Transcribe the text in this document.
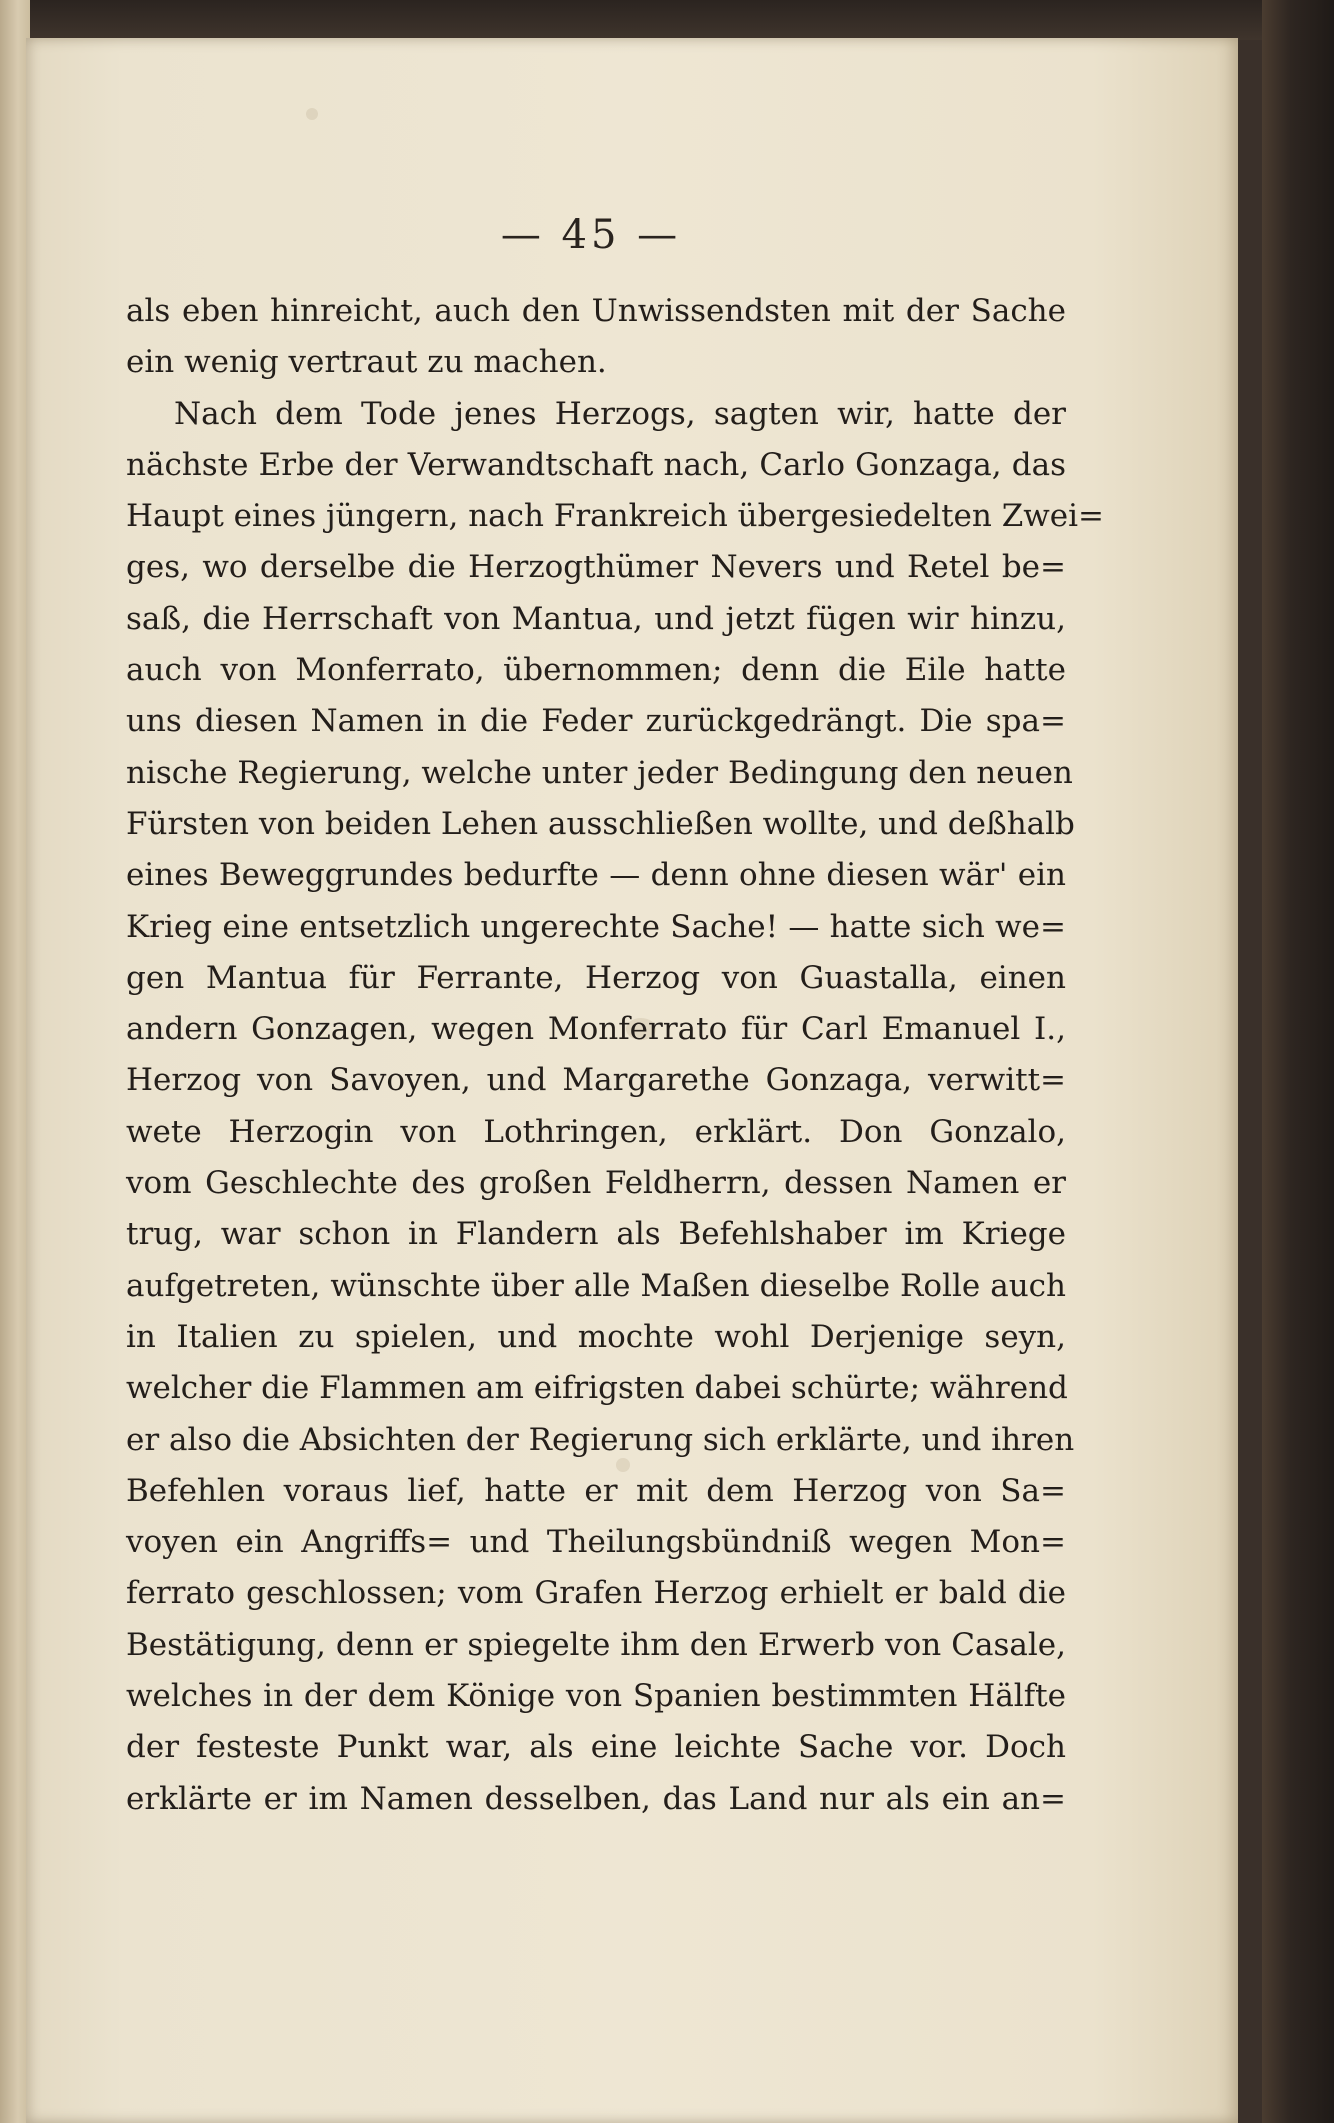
— 45 —
als eben hinreicht, auch den Unwissendsten mit der Sache
ein wenig vertraut zu machen.
Nach dem Tode jenes Herzogs, sagten wir, hatte der
nächste Erbe der Verwandtschaft nach, Carlo Gonzaga, das
Haupt eines jüngern, nach Frankreich übergesiedelten Zwei=
ges, wo derselbe die Herzogthümer Nevers und Retel be=
saß, die Herrschaft von Mantua, und jetzt fügen wir hinzu,
auch von Monferrato, übernommen; denn die Eile hatte
uns diesen Namen in die Feder zurückgedrängt. Die spa=
nische Regierung, welche unter jeder Bedingung den neuen
Fürsten von beiden Lehen ausschließen wollte, und deßhalb
eines Beweggrundes bedurfte — denn ohne diesen wär' ein
Krieg eine entsetzlich ungerechte Sache! — hatte sich we=
gen Mantua für Ferrante, Herzog von Guastalla, einen
andern Gonzagen, wegen Monferrato für Carl Emanuel I.,
Herzog von Savoyen, und Margarethe Gonzaga, verwitt=
wete Herzogin von Lothringen, erklärt. Don Gonzalo,
vom Geschlechte des großen Feldherrn, dessen Namen er
trug, war schon in Flandern als Befehlshaber im Kriege
aufgetreten, wünschte über alle Maßen dieselbe Rolle auch
in Italien zu spielen, und mochte wohl Derjenige seyn,
welcher die Flammen am eifrigsten dabei schürte; während
er also die Absichten der Regierung sich erklärte, und ihren
Befehlen voraus lief, hatte er mit dem Herzog von Sa=
voyen ein Angriffs= und Theilungsbündniß wegen Mon=
ferrato geschlossen; vom Grafen Herzog erhielt er bald die
Bestätigung, denn er spiegelte ihm den Erwerb von Casale,
welches in der dem Könige von Spanien bestimmten Hälfte
der festeste Punkt war, als eine leichte Sache vor. Doch
erklärte er im Namen desselben, das Land nur als ein an=
